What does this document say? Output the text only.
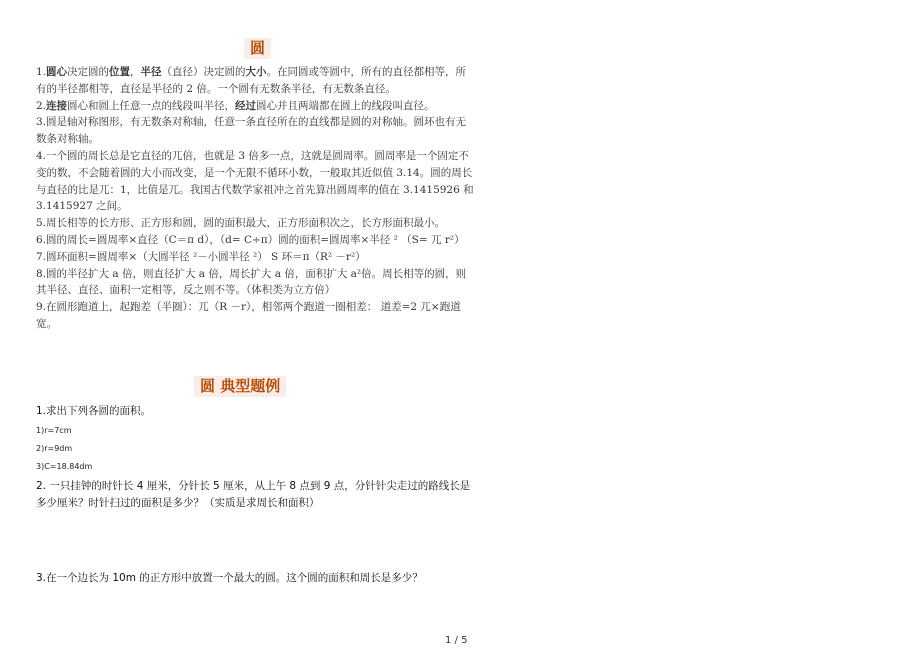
圆

1.圆心决定圆的位置，半径（直径）决定圆的大小。在同圆或等圆中，所有的直径都相等，所有的半径都相等，直径是半径的 2 倍。一个圆有无数条半径，有无数条直径。

2.连接圆心和圆上任意一点的线段叫半径，经过圆心并且两端都在圆上的线段叫直径。

3.圆是轴对称图形，有无数条对称轴，任意一条直径所在的直线都是圆的对称轴。圆环也有无数条对称轴。

4.一个圆的周长总是它直径的兀倍，也就是 3 倍多一点，这就是圆周率。圆周率是一个固定不变的数，不会随着圆的大小而改变，是一个无限不循环小数，一般取其近似值 3.14。圆的周长与直径的比是兀：1，比值是兀。我国古代数学家祖冲之首先算出圆周率的值在 3.1415926 和 3.1415927 之间。

5.周长相等的长方形、正方形和圆，圆的面积最大，正方形面积次之，长方形面积最小。

6.圆的周长=圆周率×直径（C＝π d），（d= C÷π）圆的面积=圆周率×半径 ² （S= 兀 r²）

7.圆环面积=圆周率×（大圆半径 ²－小圆半径 ²） S 环＝π（R² －r²）

8.圆的半径扩大 a 倍，则直径扩大 a 倍，周长扩大 a 倍，面积扩大 a²倍。周长相等的圆，则其半径、直径、面积一定相等，反之则不等。（体积类为立方倍）

9.在圆形跑道上，起跑差（半圈）：兀（R －r），相邻两个跑道一圈相差： 道差=2 兀×跑道宽。

圆 典型题例
1.求出下列各圆的面积。
1)r=7cm
2)r=9dm
3)C=18.84dm
2. 一只挂钟的时针长 4 厘米，分针长 5 厘米，从上午 8 点到 9 点，分针针尖走过的路线长是多少厘米？时针扫过的面积是多少？（实质是求周长和面积）
3.在一个边长为 10m 的正方形中放置一个最大的圆。这个圆的面积和周长是多少？
1 / 5
